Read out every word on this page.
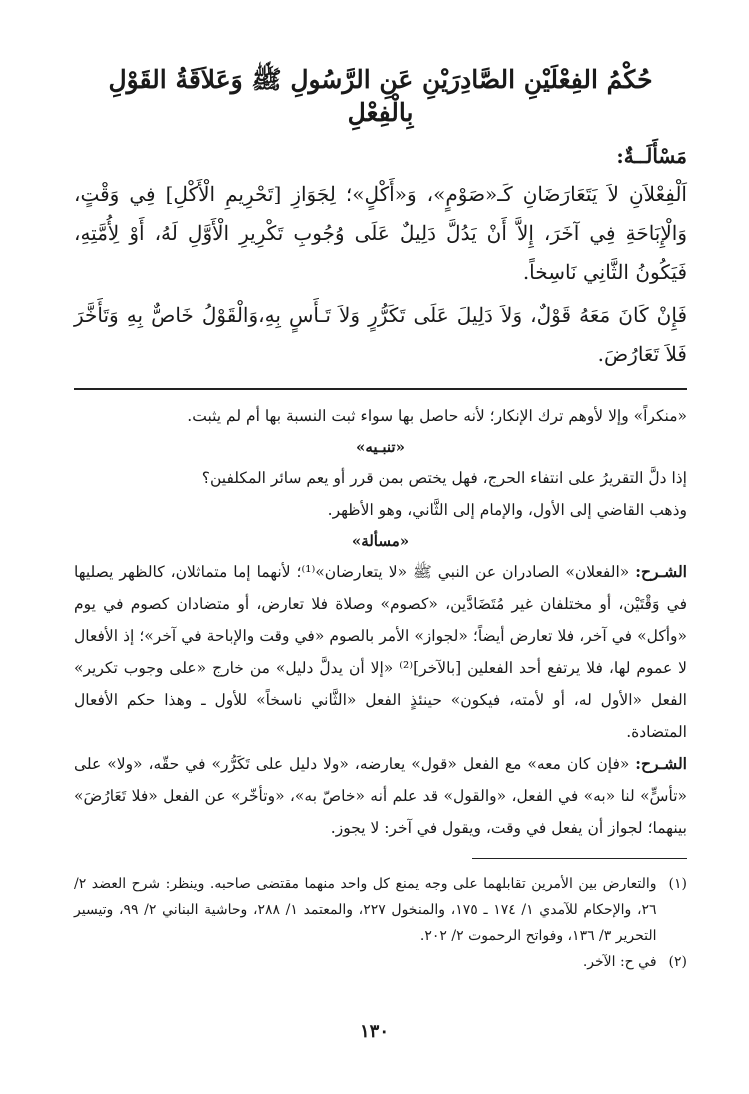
حُكْمُ الفِعْلَيْنِ الصَّادِرَيْنِ عَنِ الرَّسُولِ ﷺ وَعَلاَقَةُ القَوْلِ بِالْفِعْلِ
مَسْأَلَــةٌ:

اَلْفِعْلاَنِ لاَ يَتَعَارَضَانِ كَـ«صَوْمٍ»، وَ«أَكْلٍ»؛ لِجَوَازِ [تَحْرِيمِ الْأَكْلِ] فِي وَقْتٍ، وَالْإِبَاحَةِ فِي آخَرَ، إِلاَّ أَنْ يَدُلَّ دَلِيلٌ عَلَى وُجُوبِ تَكْرِيرِ الْأَوَّلِ لَهُ، أَوْ لِأُمَّتِهِ، فَيَكُونُ الثَّانِي نَاسِخاً.

فَإِنْ كَانَ مَعَهُ قَوْلٌ، وَلاَ دَلِيلَ عَلَى تَكَرُّرٍ وَلاَ تَـأَسٍ بِهِ،وَالْقَوْلُ خَاصٌّ بِهِ وَتَأَخَّرَ فَلاَ تَعَارُضَ.

«منكراً» وإلا لأوهم ترك الإنكار؛ لأنه حاصل بها سواء ثبت النسبة بها أم لم يثبت.

«تنبـيه»

إذا دلَّ التقريرُ على انتفاء الحرج، فهل يختص بمن قرر أو يعم سائر المكلفين؟

وذهب القاضي إلى الأول، والإمام إلى الثَّاني، وهو الأظهر.

«مسألة»

الشـرح: «الفعلان» الصادران عن النبي ﷺ «لا يتعارضان»⁽¹⁾؛ لأنهما إما متماثلان، كالظهر يصليها في وَقْتَيْن، أو مختلفان غير مُتَضَادَّين، «كصوم» وصلاة فلا تعارض، أو متضادان كصوم في يوم «وأكل» في آخر، فلا تعارض أيضاً؛ «لجواز» الأمر بالصوم «في وقت والإباحة في آخر»؛ إذ الأفعال لا عموم لها، فلا يرتفع أحد الفعلين [بالآخر]⁽²⁾ «إلا أن يدلَّ دليل» من خارج «على وجوب تكرير» الفعل «الأول له، أو لأمته، فيكون» حينئذٍ الفعل «الثَّاني ناسخاً» للأول ـ وهذا حكم الأفعال المتضادة.

الشـرح: «فإن كان معه» مع الفعل «قول» يعارضه، «ولا دليل على تَكَرُّر» في حقّه، «ولا» على «تأسٍّ» لنا «به» في الفعل، «والقول» قد علم أنه «خاصّ به»، «وتأخّر» عن الفعل «فلا تَعَارُضَ» بينهما؛ لجواز أن يفعل في وقت، ويقول في آخر: لا يجوز.

(١)
والتعارض بين الأمرين تقابلهما على وجه يمنع كل واحد منهما مقتضى صاحبه. وينظر: شرح العضد ٢/ ٢٦، والإحكام للآمدي ١/ ١٧٤ ـ ١٧٥، والمنخول ٢٢٧، والمعتمد ١/ ٢٨٨، وحاشية البناني ٢/ ٩٩، وتيسير التحرير ٣/ ١٣٦، وفواتح الرحموت ٢/ ٢٠٢.
(٢)
في ح: الآخر.
١٣٠
